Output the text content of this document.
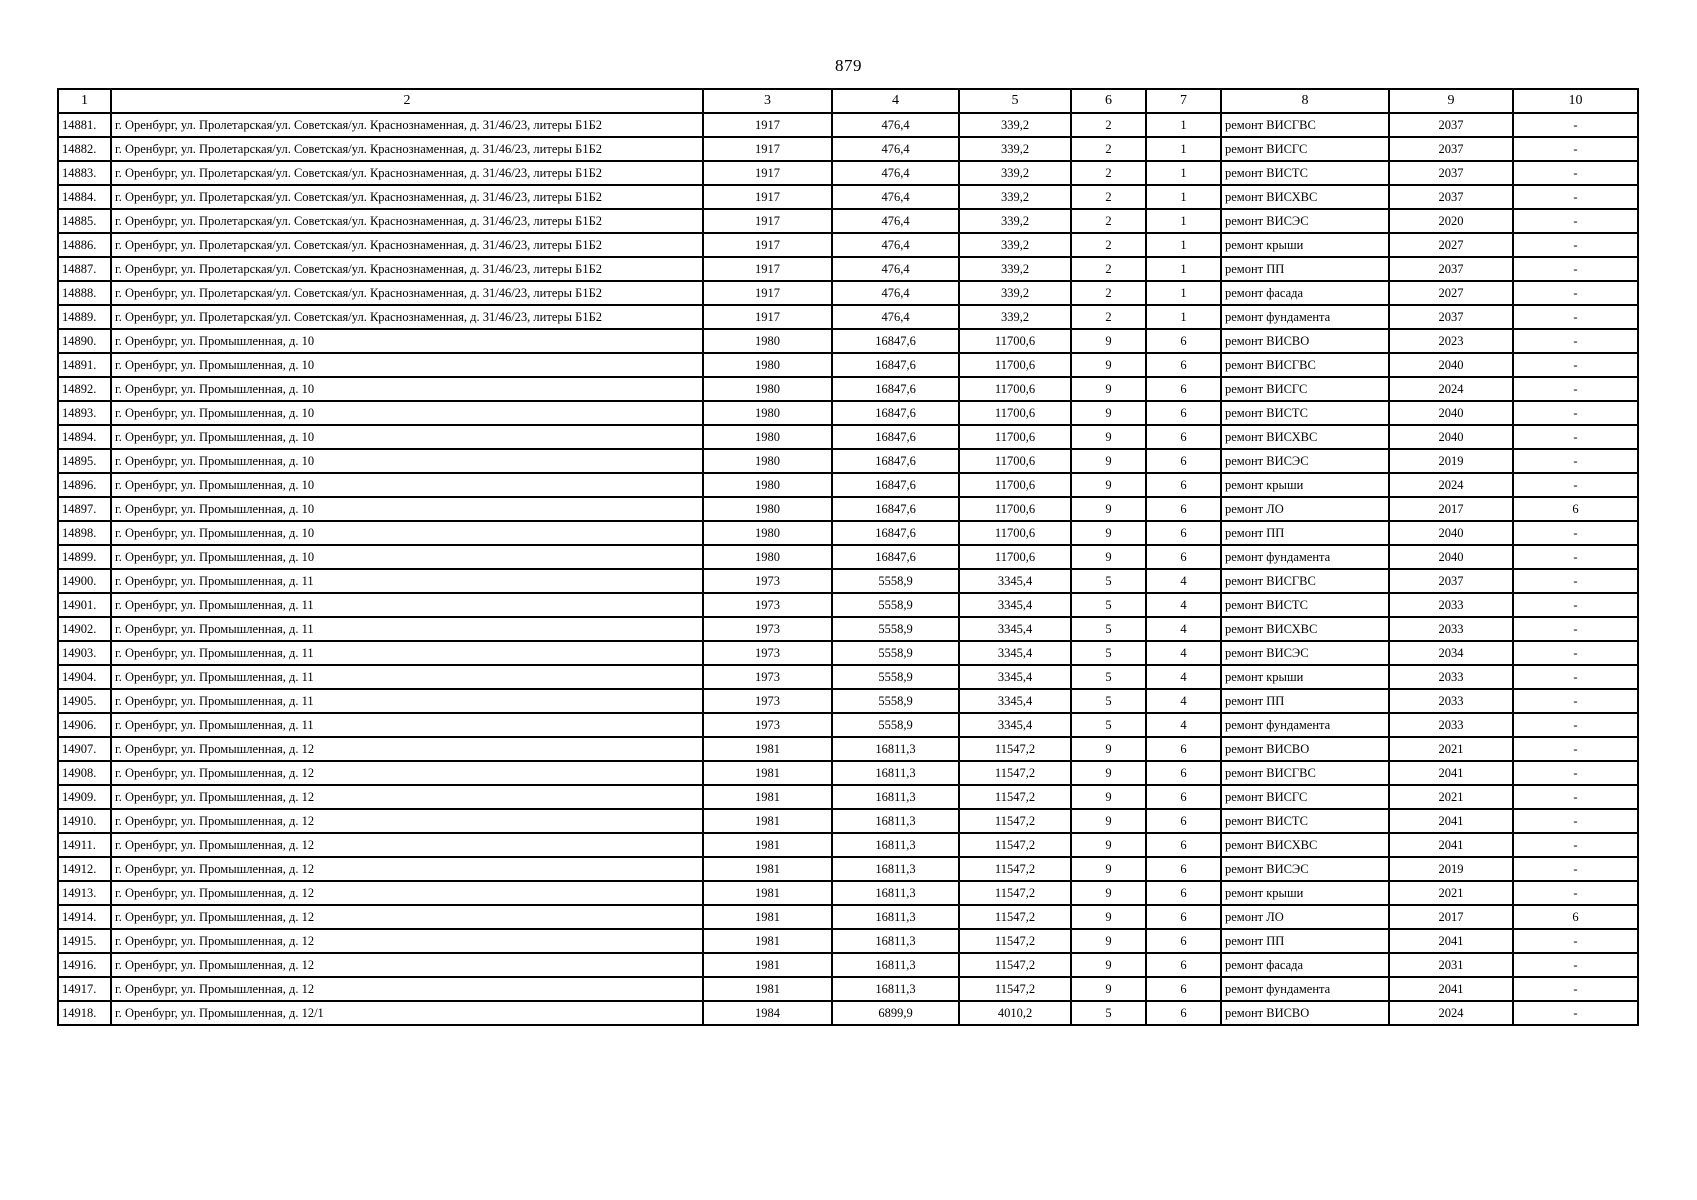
879
1	2	3	4	5	6	7	8	9	10
14881.	г. Оренбург, ул. Пролетарская/ул. Советская/ул. Краснознаменная, д. 31/46/23, литеры Б1Б2	1917	476,4	339,2	2	1	ремонт ВИСГВС	2037	-
14882.	г. Оренбург, ул. Пролетарская/ул. Советская/ул. Краснознаменная, д. 31/46/23, литеры Б1Б2	1917	476,4	339,2	2	1	ремонт ВИСГС	2037	-
14883.	г. Оренбург, ул. Пролетарская/ул. Советская/ул. Краснознаменная, д. 31/46/23, литеры Б1Б2	1917	476,4	339,2	2	1	ремонт ВИСТС	2037	-
14884.	г. Оренбург, ул. Пролетарская/ул. Советская/ул. Краснознаменная, д. 31/46/23, литеры Б1Б2	1917	476,4	339,2	2	1	ремонт ВИСХВС	2037	-
14885.	г. Оренбург, ул. Пролетарская/ул. Советская/ул. Краснознаменная, д. 31/46/23, литеры Б1Б2	1917	476,4	339,2	2	1	ремонт ВИСЭС	2020	-
14886.	г. Оренбург, ул. Пролетарская/ул. Советская/ул. Краснознаменная, д. 31/46/23, литеры Б1Б2	1917	476,4	339,2	2	1	ремонт крыши	2027	-
14887.	г. Оренбург, ул. Пролетарская/ул. Советская/ул. Краснознаменная, д. 31/46/23, литеры Б1Б2	1917	476,4	339,2	2	1	ремонт ПП	2037	-
14888.	г. Оренбург, ул. Пролетарская/ул. Советская/ул. Краснознаменная, д. 31/46/23, литеры Б1Б2	1917	476,4	339,2	2	1	ремонт фасада	2027	-
14889.	г. Оренбург, ул. Пролетарская/ул. Советская/ул. Краснознаменная, д. 31/46/23, литеры Б1Б2	1917	476,4	339,2	2	1	ремонт фундамента	2037	-
14890.	г. Оренбург, ул. Промышленная, д. 10	1980	16847,6	11700,6	9	6	ремонт ВИСВО	2023	-
14891.	г. Оренбург, ул. Промышленная, д. 10	1980	16847,6	11700,6	9	6	ремонт ВИСГВС	2040	-
14892.	г. Оренбург, ул. Промышленная, д. 10	1980	16847,6	11700,6	9	6	ремонт ВИСГС	2024	-
14893.	г. Оренбург, ул. Промышленная, д. 10	1980	16847,6	11700,6	9	6	ремонт ВИСТС	2040	-
14894.	г. Оренбург, ул. Промышленная, д. 10	1980	16847,6	11700,6	9	6	ремонт ВИСХВС	2040	-
14895.	г. Оренбург, ул. Промышленная, д. 10	1980	16847,6	11700,6	9	6	ремонт ВИСЭС	2019	-
14896.	г. Оренбург, ул. Промышленная, д. 10	1980	16847,6	11700,6	9	6	ремонт крыши	2024	-
14897.	г. Оренбург, ул. Промышленная, д. 10	1980	16847,6	11700,6	9	6	ремонт ЛО	2017	6
14898.	г. Оренбург, ул. Промышленная, д. 10	1980	16847,6	11700,6	9	6	ремонт ПП	2040	-
14899.	г. Оренбург, ул. Промышленная, д. 10	1980	16847,6	11700,6	9	6	ремонт фундамента	2040	-
14900.	г. Оренбург, ул. Промышленная, д. 11	1973	5558,9	3345,4	5	4	ремонт ВИСГВС	2037	-
14901.	г. Оренбург, ул. Промышленная, д. 11	1973	5558,9	3345,4	5	4	ремонт ВИСТС	2033	-
14902.	г. Оренбург, ул. Промышленная, д. 11	1973	5558,9	3345,4	5	4	ремонт ВИСХВС	2033	-
14903.	г. Оренбург, ул. Промышленная, д. 11	1973	5558,9	3345,4	5	4	ремонт ВИСЭС	2034	-
14904.	г. Оренбург, ул. Промышленная, д. 11	1973	5558,9	3345,4	5	4	ремонт крыши	2033	-
14905.	г. Оренбург, ул. Промышленная, д. 11	1973	5558,9	3345,4	5	4	ремонт ПП	2033	-
14906.	г. Оренбург, ул. Промышленная, д. 11	1973	5558,9	3345,4	5	4	ремонт фундамента	2033	-
14907.	г. Оренбург, ул. Промышленная, д. 12	1981	16811,3	11547,2	9	6	ремонт ВИСВО	2021	-
14908.	г. Оренбург, ул. Промышленная, д. 12	1981	16811,3	11547,2	9	6	ремонт ВИСГВС	2041	-
14909.	г. Оренбург, ул. Промышленная, д. 12	1981	16811,3	11547,2	9	6	ремонт ВИСГС	2021	-
14910.	г. Оренбург, ул. Промышленная, д. 12	1981	16811,3	11547,2	9	6	ремонт ВИСТС	2041	-
14911.	г. Оренбург, ул. Промышленная, д. 12	1981	16811,3	11547,2	9	6	ремонт ВИСХВС	2041	-
14912.	г. Оренбург, ул. Промышленная, д. 12	1981	16811,3	11547,2	9	6	ремонт ВИСЭС	2019	-
14913.	г. Оренбург, ул. Промышленная, д. 12	1981	16811,3	11547,2	9	6	ремонт крыши	2021	-
14914.	г. Оренбург, ул. Промышленная, д. 12	1981	16811,3	11547,2	9	6	ремонт ЛО	2017	6
14915.	г. Оренбург, ул. Промышленная, д. 12	1981	16811,3	11547,2	9	6	ремонт ПП	2041	-
14916.	г. Оренбург, ул. Промышленная, д. 12	1981	16811,3	11547,2	9	6	ремонт фасада	2031	-
14917.	г. Оренбург, ул. Промышленная, д. 12	1981	16811,3	11547,2	9	6	ремонт фундамента	2041	-
14918.	г. Оренбург, ул. Промышленная, д. 12/1	1984	6899,9	4010,2	5	6	ремонт ВИСВО	2024	-
